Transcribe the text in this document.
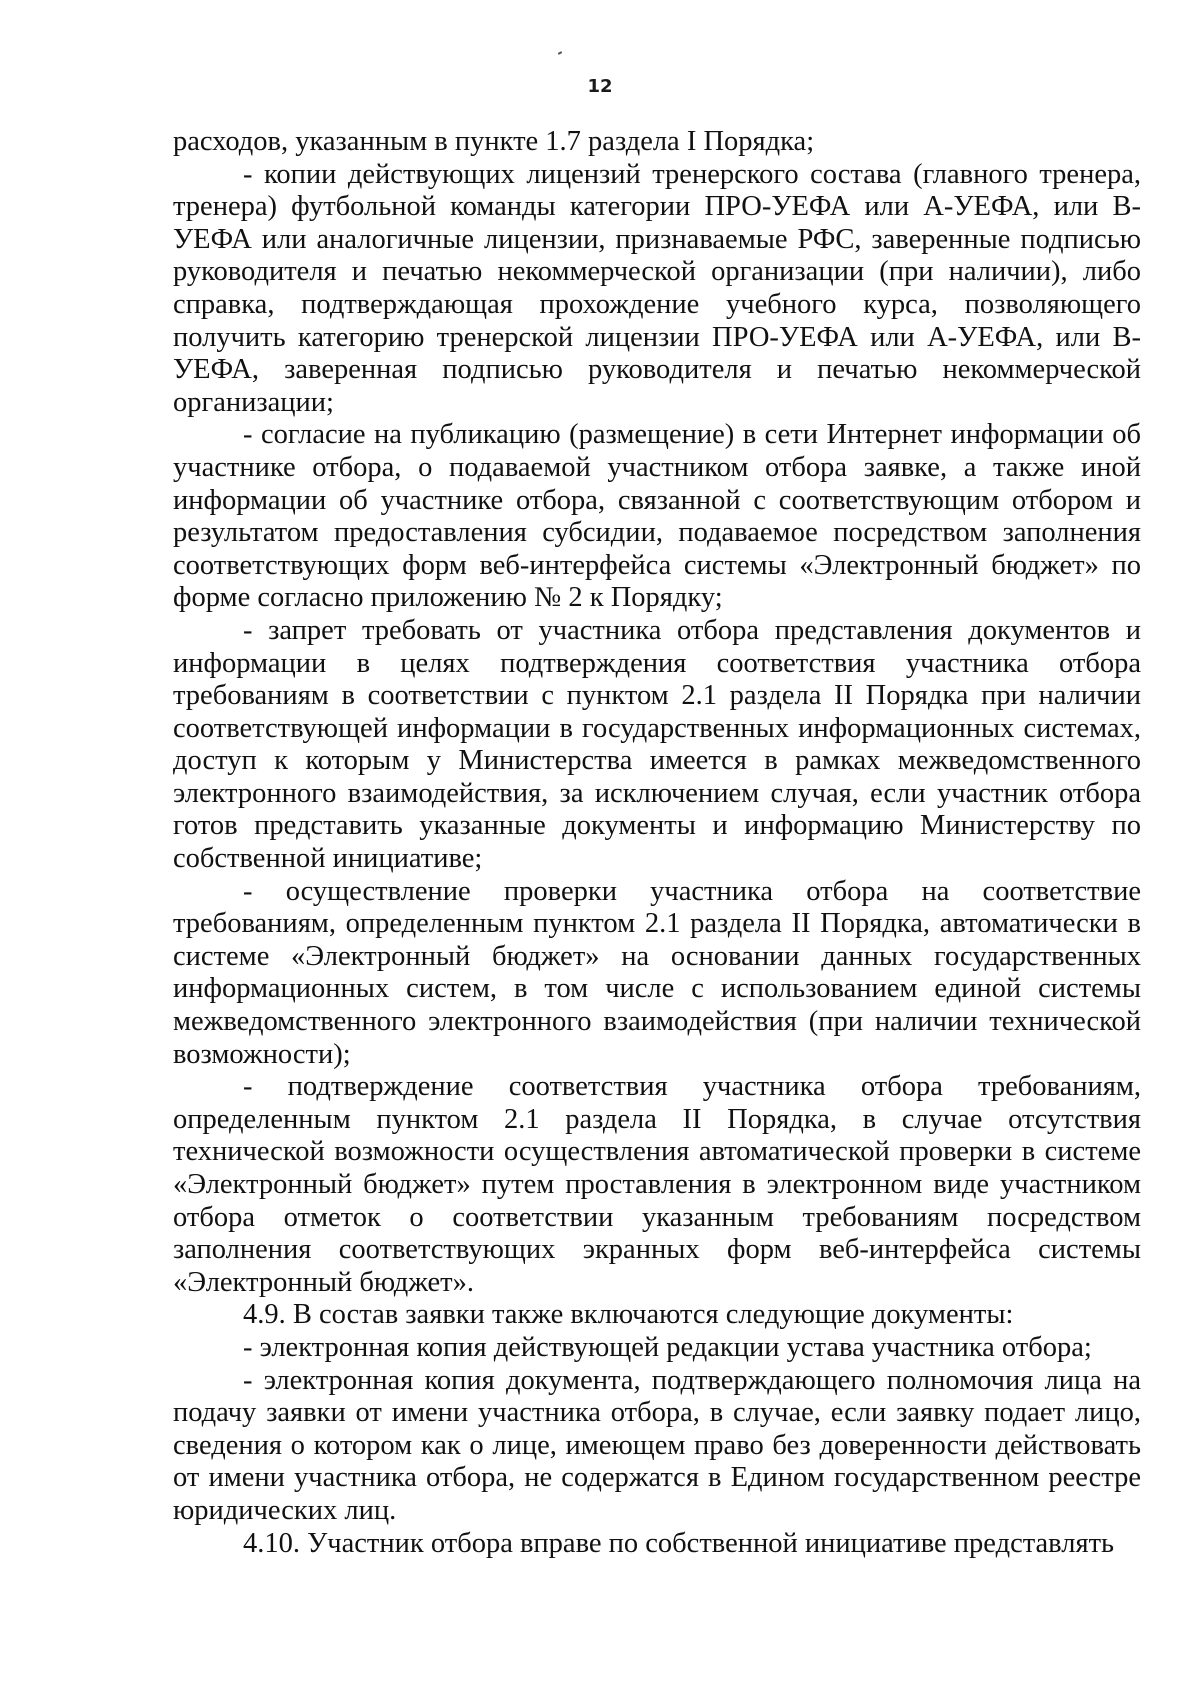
12

расходов, указанным в пункте 1.7 раздела I Порядка;

- копии действующих лицензий тренерского состава (главного тренера, тренера) футбольной команды категории ПРО-УЕФА или А-УЕФА, или В-УЕФА или аналогичные лицензии, признаваемые РФС, заверенные подписью руководителя и печатью некоммерческой организации (при наличии), либо справка, подтверждающая прохождение учебного курса, позволяющего получить категорию тренерской лицензии ПРО-УЕФА или А-УЕФА, или В-УЕФА, заверенная подписью руководителя и печатью некоммерческой организации;

- согласие на публикацию (размещение) в сети Интернет информации об участнике отбора, о подаваемой участником отбора заявке, а также иной информации об участнике отбора, связанной с соответствующим отбором и результатом предоставления субсидии, подаваемое посредством заполнения соответствующих форм веб-интерфейса системы «Электронный бюджет» по форме согласно приложению № 2 к Порядку;

- запрет требовать от участника отбора представления документов и информации в целях подтверждения соответствия участника отбора требованиям в соответствии с пунктом 2.1 раздела II Порядка при наличии соответствующей информации в государственных информационных системах, доступ к которым у Министерства имеется в рамках межведомственного электронного взаимодействия, за исключением случая, если участник отбора готов представить указанные документы и информацию Министерству по собственной инициативе;

- осуществление проверки участника отбора на соответствие требованиям, определенным пунктом 2.1 раздела II Порядка, автоматически в системе «Электронный бюджет» на основании данных государственных информационных систем, в том числе с использованием единой системы межведомственного электронного взаимодействия (при наличии технической возможности);

- подтверждение соответствия участника отбора требованиям, определенным пунктом 2.1 раздела II Порядка, в случае отсутствия технической возможности осуществления автоматической проверки в системе «Электронный бюджет» путем проставления в электронном виде участником отбора отметок о соответствии указанным требованиям посредством заполнения соответствующих экранных форм веб-интерфейса системы «Электронный бюджет».

4.9. В состав заявки также включаются следующие документы:

- электронная копия действующей редакции устава участника отбора;

- электронная копия документа, подтверждающего полномочия лица на подачу заявки от имени участника отбора, в случае, если заявку подает лицо, сведения о котором как о лице, имеющем право без доверенности действовать от имени участника отбора, не содержатся в Едином государственном реестре юридических лиц.

4.10. Участник отбора вправе по собственной инициативе представлять
